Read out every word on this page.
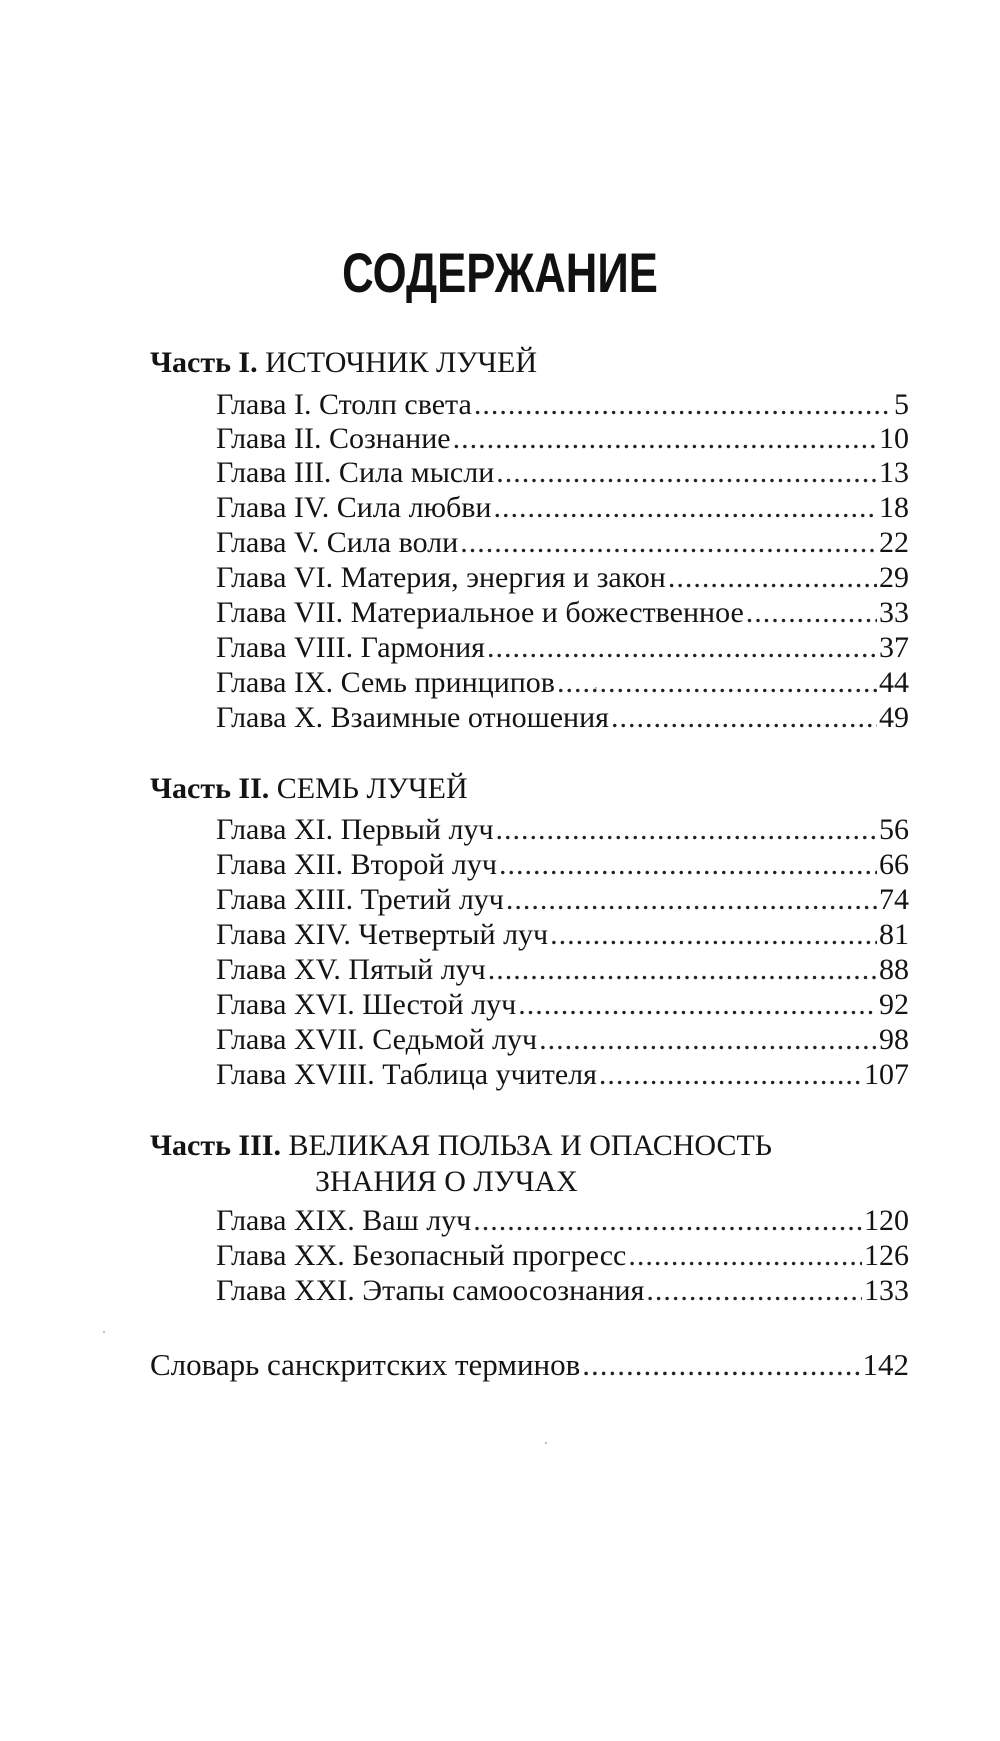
СОДЕРЖАНИЕ
Часть I. ИСТОЧНИК ЛУЧЕЙ
Глава I. Столп света .....	5
Глава II. Сознание .....	10
Глава III. Сила мысли .....	13
Глава IV. Сила любви .....	18
Глава V. Сила воли .....	22
Глава VI. Материя, энергия и закон .....	29
Глава VII. Материальное и божественное .....	33
Глава VIII. Гармония .....	37
Глава IX. Семь принципов .....	44
Глава X. Взаимные отношения .....	49
Часть II. СЕМЬ ЛУЧЕЙ
Глава XI. Первый луч .....	56
Глава XII. Второй луч .....	66
Глава XIII. Третий луч .....	74
Глава XIV. Четвертый луч .....	81
Глава XV. Пятый луч .....	88
Глава XVI. Шестой луч .....	92
Глава XVII. Седьмой луч .....	98
Глава XVIII. Таблица учителя .....	107
Часть III. ВЕЛИКАЯ ПОЛЬЗА И ОПАСНОСТЬ
ЗНАНИЯ О ЛУЧАХ
Глава XIX. Ваш луч .....	120
Глава XX. Безопасный прогресс .....	126
Глава XXI. Этапы самоосознания .....	133
Словарь санскритских терминов .....	142
